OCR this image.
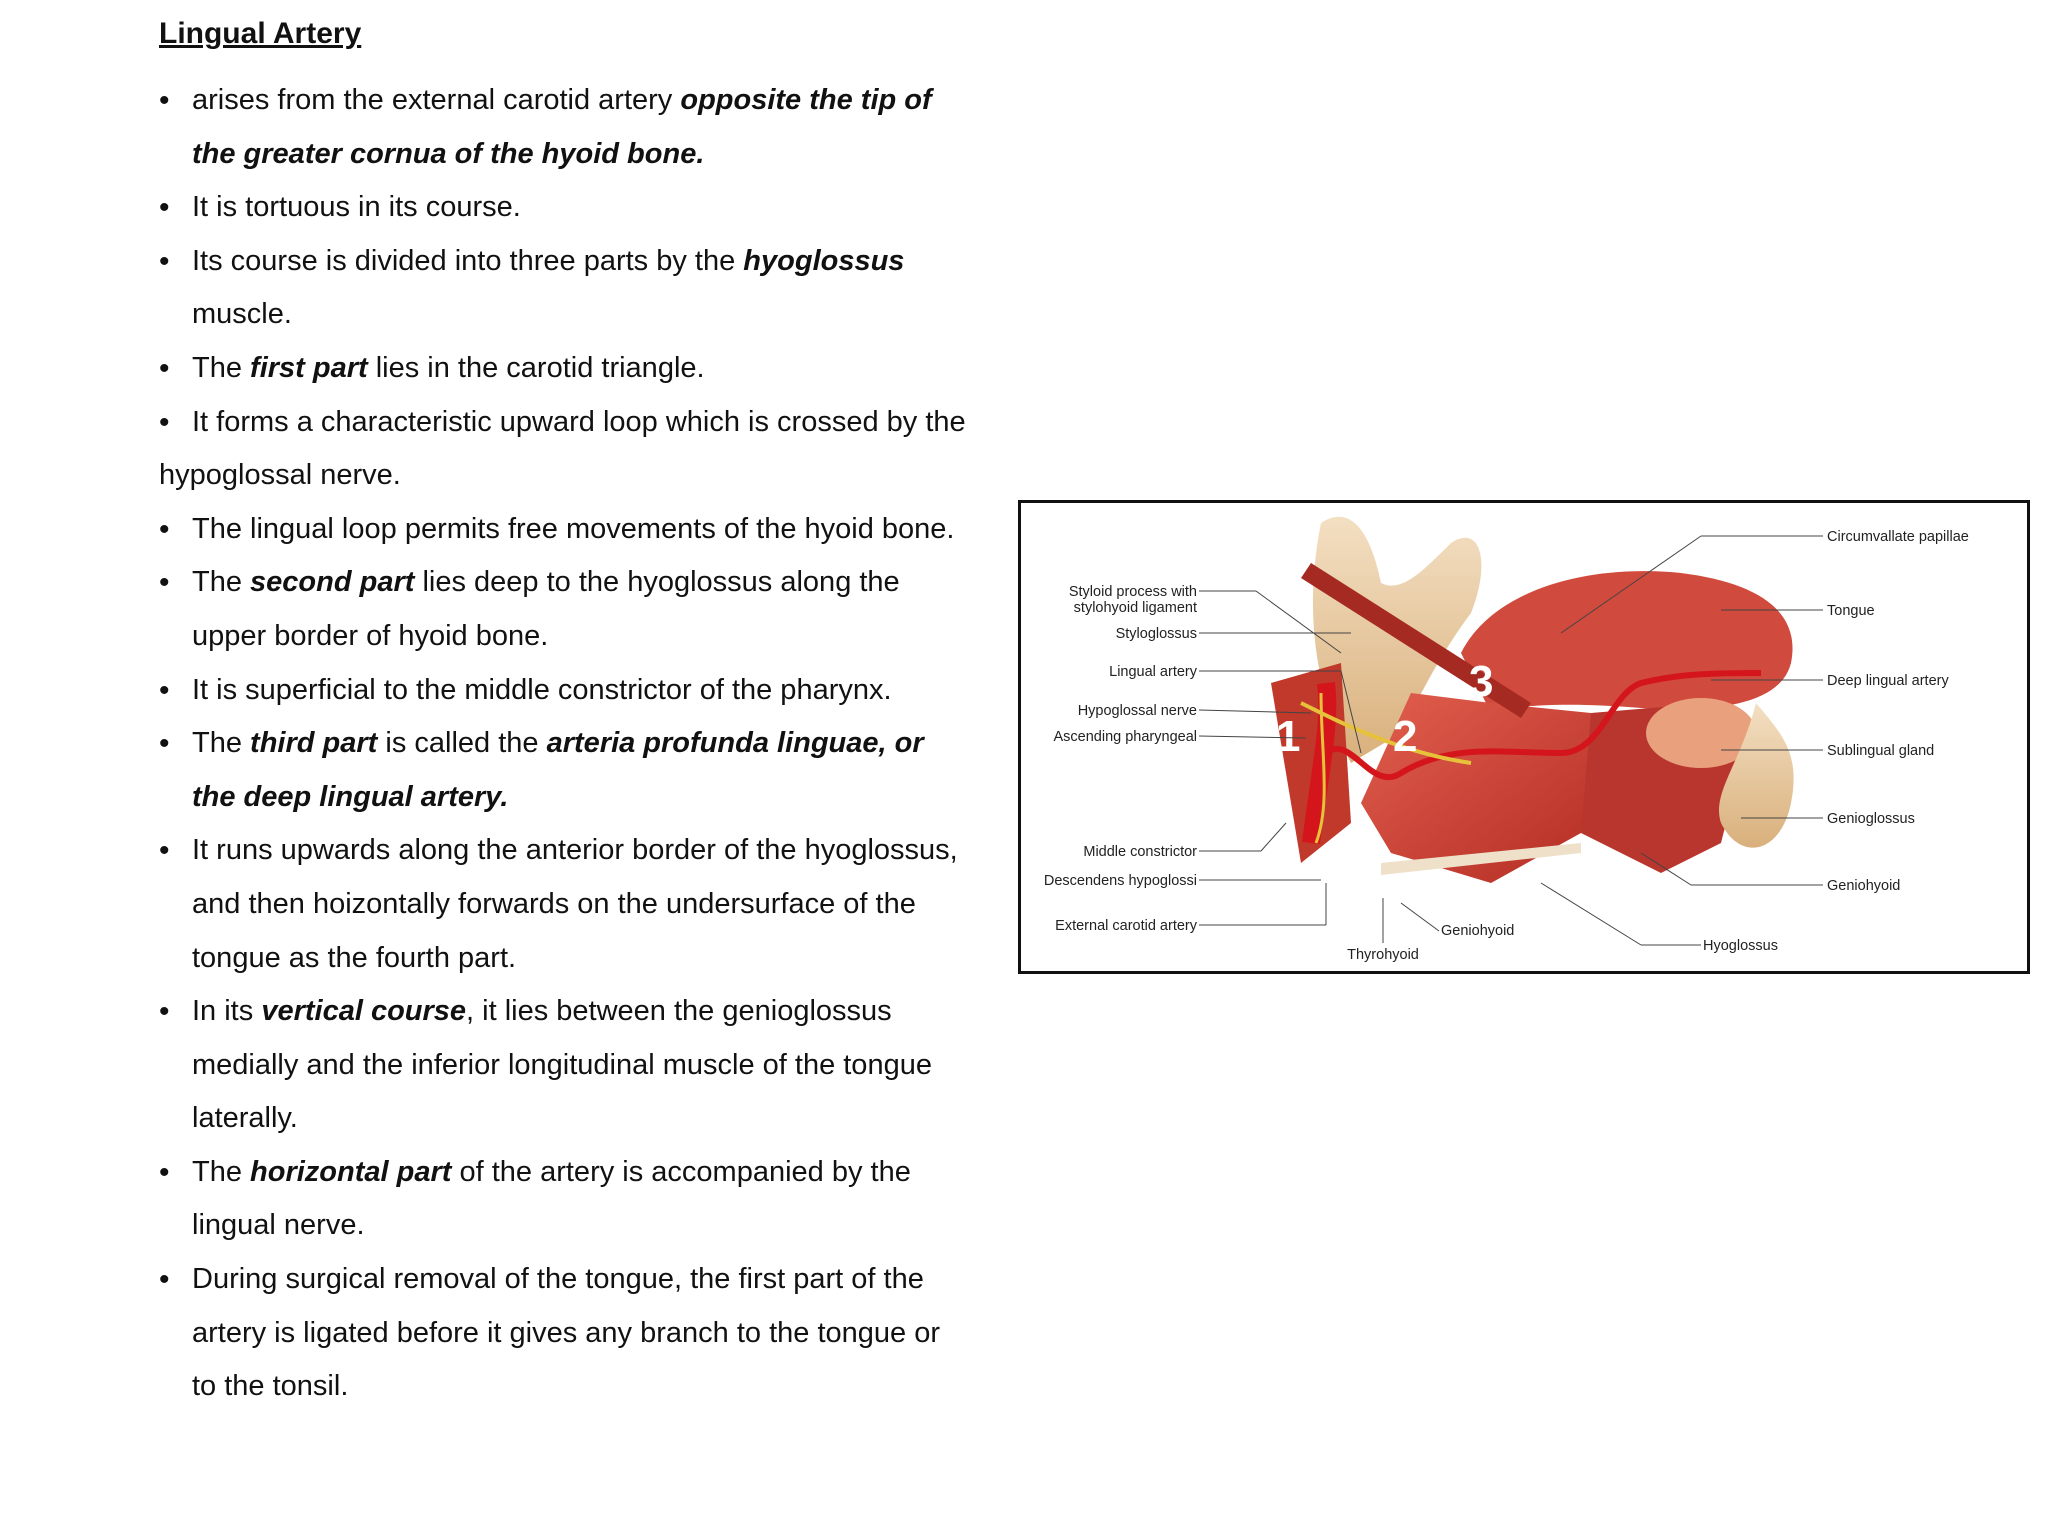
Lingual Artery
• arises from the external carotid artery opposite the tip of
the greater cornua of the hyoid bone.
• It is tortuous in its course.
• Its course is divided into three parts by the hyoglossus
muscle.
• The first part lies in the carotid triangle.
• It forms a characteristic upward loop which is crossed by the
hypoglossal nerve.
• The lingual loop permits free movements of the hyoid bone.
• The second part lies deep to the hyoglossus along the
upper border of hyoid bone.
• It is superficial to the middle constrictor of the pharynx.
• The third part is called the arteria profunda linguae, or
the deep lingual artery.
• It runs upwards along the anterior border of the hyoglossus,
and then hoizontally forwards on the undersurface of the
tongue as the fourth part.
• In its vertical course, it lies between the genioglossus
medially and the inferior longitudinal muscle of the tongue
laterally.
• The horizontal part of the artery is accompanied by the
lingual nerve.
• During surgical removal of the tongue, the first part of the
artery is ligated before it gives any branch to the tongue or
to the tonsil.
1 2
3
Styloid process with
stylohyoid ligament
Styloglossus
Lingual artery
Hypoglossal nerve
Ascending pharyngeal
Middle constrictor
Descendens hypoglossi
External carotid artery
Circumvallate papillae
Tongue
Deep lingual artery
Sublingual gland
Genioglossus
Geniohyoid
Thyrohyoid
Geniohyoid
Hyoglossus
